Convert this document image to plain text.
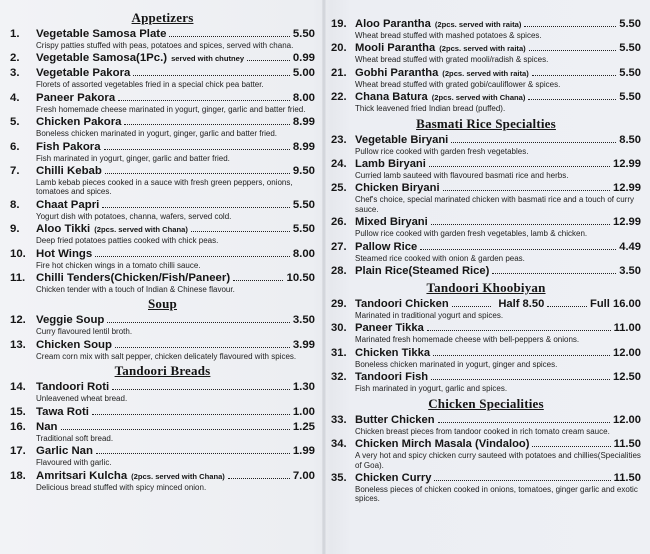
Appetizers
1.	Vegetable Samosa Plate	5.50
Crispy patties stuffed with peas, potatoes and spices, served with chana.
2.	Vegetable Samosa(1Pc.) served with chutney	0.99
3.	Vegetable Pakora	5.00
Florets of assorted vegetables fried in a special chick pea batter.
4.	Paneer Pakora	8.00
Fresh homemade cheese marinated in yogurt, ginger, garlic and batter fried.
5.	Chicken Pakora	8.99
Boneless chicken marinated in yogurt, ginger, garlic and batter fried.
6.	Fish Pakora	8.99
Fish marinated in yogurt, ginger, garlic and batter fried.
7.	Chilli Kebab	9.50
Lamb kebab pieces cooked in a sauce with fresh green peppers, onions, tomatoes and spices.
8.	Chaat Papri	5.50
Yogurt dish with potatoes, channa, wafers, served cold.
9.	Aloo Tikki (2pcs. served with Chana)	5.50
Deep fried potatoes patties cooked with chick peas.
10. Hot Wings	8.00
Fire hot chicken wings in a tomato chilli sauce.
11. Chilli Tenders(Chicken/Fish/Paneer)	10.50
Chicken tender with a touch of Indian & Chinese flavour.
Soup
12. Veggie Soup	3.50
Curry flavoured lentil broth.
13. Chicken Soup	3.99
Cream corn mix with salt pepper, chicken delicately flavoured with spices.
Tandoori Breads
14. Tandoori Roti	1.30
Unleavened wheat bread.
15. Tawa Roti	1.00
16. Nan	1.25
Traditional soft bread.
17. Garlic Nan	1.99
Flavoured with garlic.
18. Amritsari Kulcha (2pcs. served with Chana)	7.00
Delicious bread stuffed with spicy minced onion.
19. Aloo Parantha (2pcs. served with raita)	5.50
Wheat bread stuffed with mashed potatoes & spices.
20. Mooli Parantha (2pcs. served with raita)	5.50
Wheat bread stuffed with grated mooli/radish & spices.
21. Gobhi Parantha (2pcs. served with raita)	5.50
Wheat bread stuffed with grated gobi/cauliflower & spices.
22. Chana Batura (2pcs. served with Chana)	5.50
Thick leavened fried Indian bread (puffed).
Basmati Rice Specialties
23. Vegetable Biryani	8.50
Pullow rice cooked with garden fresh vegetables.
24. Lamb Biryani	12.99
Curried lamb sauteed with flavoured basmati rice and herbs.
25. Chicken Biryani	12.99
Chef's choice, special marinated chicken with basmati rice and a touch of curry sauce.
26. Mixed Biryani	12.99
Pullow rice cooked with garden fresh vegetables, lamb & chicken.
27. Pallow Rice	4.49
Steamed rice cooked with onion & garden peas.
28. Plain Rice(Steamed Rice)	3.50
Tandoori Khoobiyan
29. Tandoori Chicken	Half 8.50	Full 16.00
Marinated in traditional yogurt and spices.
30. Paneer Tikka	11.00
Marinated fresh homemade cheese with bell-peppers & onions.
31. Chicken Tikka	12.00
Boneless chicken marinated in yogurt, ginger and spices.
32. Tandoori Fish	12.50
Fish marinated in yogurt, garlic and spices.
Chicken Specialities
33. Butter Chicken	12.00
Chicken breast pieces from tandoor cooked in rich tomato cream sauce.
34. Chicken Mirch Masala (Vindaloo)	11.50
A very hot and spicy chicken curry sauteed with potatoes and chillies(Specialities of Goa).
35. Chicken Curry	11.50
Boneless pieces of chicken cooked in onions, tomatoes, ginger garlic and exotic spices.
